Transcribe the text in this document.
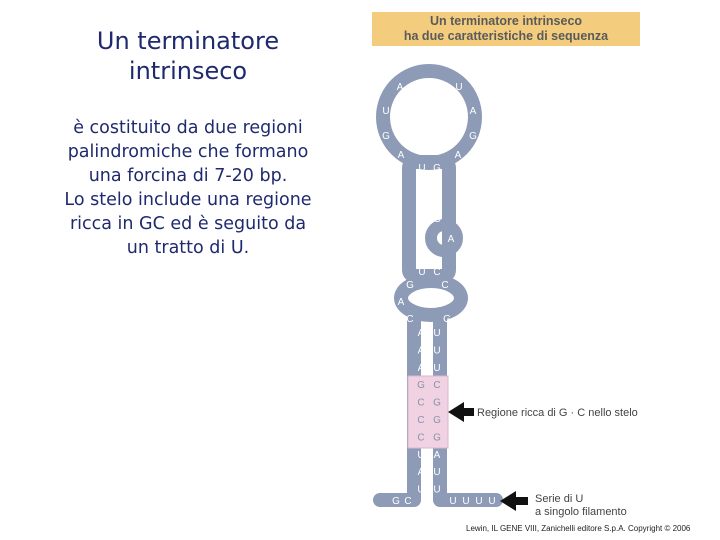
Un terminatore
intrinseco
è costituito da due regioni
palindromiche che formano
una forcina di 7-20 bp.
Lo stelo include una regione
ricca in GC ed è seguito da
un tratto di U.
Un terminatore intrinseco
ha due caratteristiche di sequenza
A	U
U	A
G	G
A	A
U
G
U
C
C
U
U
G
C
C
G
C
A
A
G
C
C
G
A
A
A
G
C
C
C
U
A
U
U
U
U
C
G
G
G
A
U
U
G C	U U U U
Regione ricca di G · C nello stelo
Serie di U
a singolo filamento
Lewin, IL GENE VIII, Zanichelli editore S.p.A. Copyright © 2006
